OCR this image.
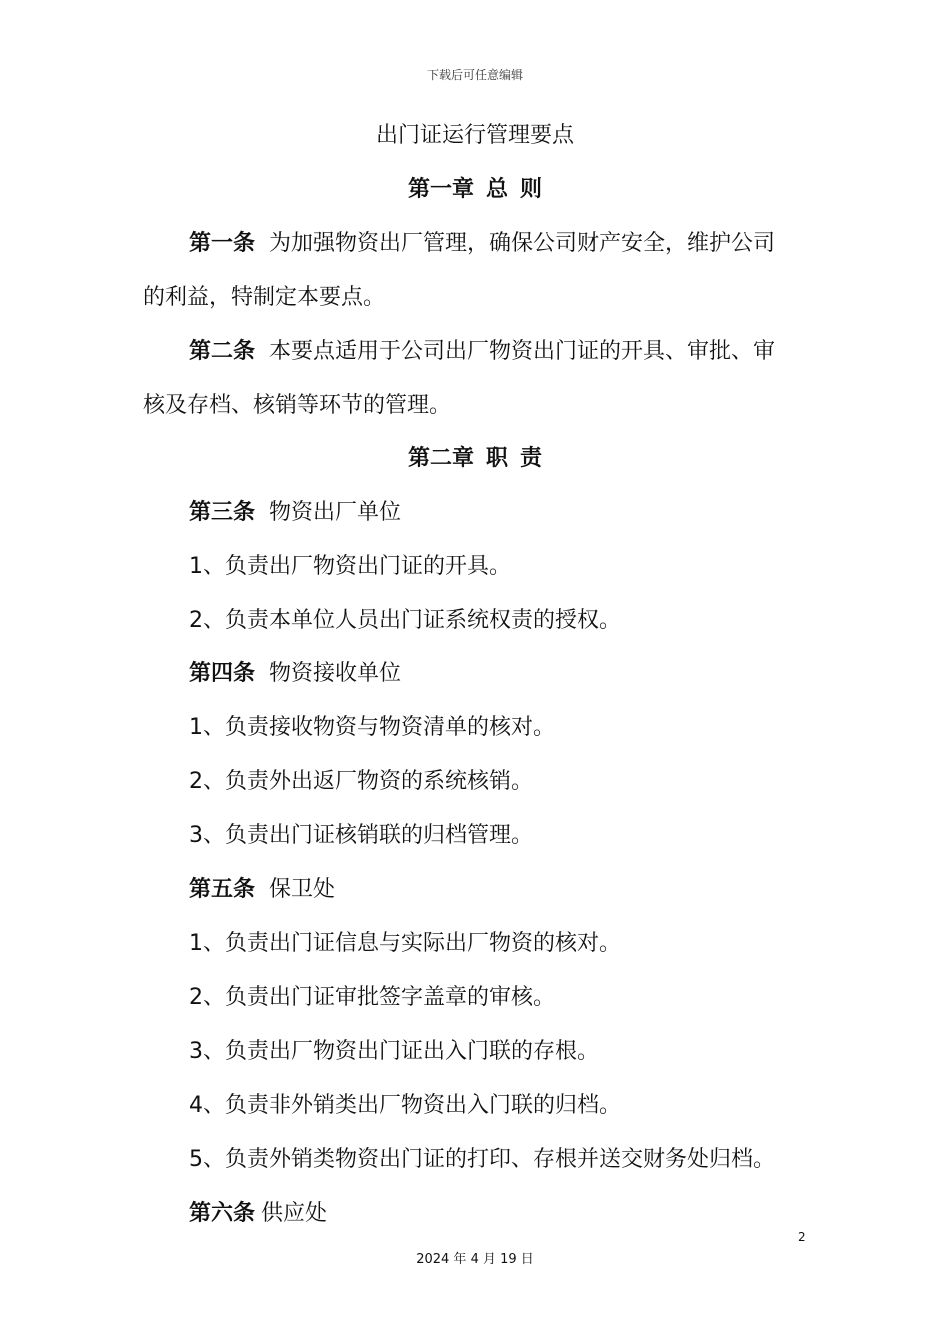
下载后可任意编辑
出门证运行管理要点
第一章 总 则
第一条 为加强物资出厂管理，确保公司财产安全，维护公司
的利益，特制定本要点。
第二条 本要点适用于公司出厂物资出门证的开具、审批、审
核及存档、核销等环节的管理。
第二章 职 责
第三条 物资出厂单位
1、负责出厂物资出门证的开具。
2、负责本单位人员出门证系统权责的授权。
第四条 物资接收单位
1、负责接收物资与物资清单的核对。
2、负责外出返厂物资的系统核销。
3、负责出门证核销联的归档管理。
第五条 保卫处
1、负责出门证信息与实际出厂物资的核对。
2、负责出门证审批签字盖章的审核。
3、负责出厂物资出门证出入门联的存根。
4、负责非外销类出厂物资出入门联的归档。
5、负责外销类物资出门证的打印、存根并送交财务处归档。
第六条 供应处
2
2024 年 4 月 19 日
